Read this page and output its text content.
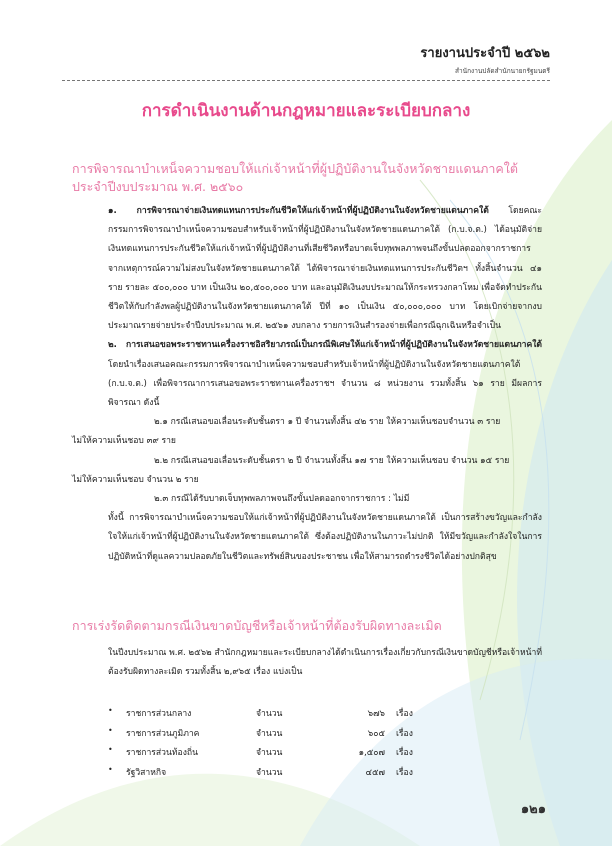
รายงานประจำปี ๒๕๖๒
สำนักงานปลัดสำนักนายกรัฐมนตรี
การดำเนินงานด้านกฎหมายและระเบียบกลาง
การพิจารณาบำเหน็จความชอบให้แก่เจ้าหน้าที่ผู้ปฏิบัติงานในจังหวัดชายแดนภาคใต้
ประจำปีงบประมาณ พ.ศ. ๒๕๖๐

๑. การพิจารณาจ่ายเงินทดแทนการประกันชีวิตให้แก่เจ้าหน้าที่ผู้ปฏิบัติงานในจังหวัดชายแดนภาคใต้ โดยคณะกรรมการพิจารณาบำเหน็จความชอบสำหรับเจ้าหน้าที่ผู้ปฏิบัติงานในจังหวัดชายแดนภาคใต้ (ก.บ.จ.ต.) ได้อนุมัติจ่ายเงินทดแทนการประกันชีวิตให้แก่เจ้าหน้าที่ผู้ปฏิบัติงานที่เสียชีวิตหรือบาดเจ็บทุพพลภาพจนถึงขั้นปลดออกจากราชการจากเหตุการณ์ความไม่สงบในจังหวัดชายแดนภาคใต้ ได้พิจารณาจ่ายเงินทดแทนการประกันชีวิตฯ ทั้งสิ้นจำนวน ๔๑ ราย รายละ ๕๐๐,๐๐๐ บาท เป็นเงิน ๒๐,๕๐๐,๐๐๐ บาท และอนุมัติเงินงบประมาณให้กระทรวงกลาโหม เพื่อจัดทำประกันชีวิตให้กับกำลังพลผู้ปฏิบัติงานในจังหวัดชายแดนภาคใต้ ปีที่ ๑๐ เป็นเงิน ๕๐,๐๐๐,๐๐๐ บาท โดยเบิกจ่ายจากงบประมาณรายจ่ายประจำปีงบประมาณ พ.ศ. ๒๕๖๑ งบกลาง รายการเงินสำรองจ่ายเพื่อกรณีฉุกเฉินหรือจำเป็น

๒. การเสนอขอพระราชทานเครื่องราชอิสริยาภรณ์เป็นกรณีพิเศษให้แก่เจ้าหน้าที่ผู้ปฏิบัติงานในจังหวัดชายแดนภาคใต้ โดยนำเรื่องเสนอคณะกรรมการพิจารณาบำเหน็จความชอบสำหรับเจ้าหน้าที่ผู้ปฏิบัติงานในจังหวัดชายแดนภาคใต้ (ก.บ.จ.ต.) เพื่อพิจารณาการเสนอขอพระราชทานเครื่องราชฯ จำนวน ๘ หน่วยงาน รวมทั้งสิ้น ๖๑ ราย มีผลการพิจารณา ดังนี้

๒.๑ กรณีเสนอขอเลื่อนระดับชั้นตรา ๑ ปี จำนวนทั้งสิ้น ๔๒ ราย ให้ความเห็นชอบจำนวน ๓ ราย

ไม่ให้ความเห็นชอบ ๓๙ ราย

๒.๒ กรณีเสนอขอเลื่อนระดับชั้นตรา ๒ ปี จำนวนทั้งสิ้น ๑๗ ราย ให้ความเห็นชอบ จำนวน ๑๕ ราย

ไม่ให้ความเห็นชอบ จำนวน ๒ ราย

๒.๓ กรณีได้รับบาดเจ็บทุพพลภาพจนถึงขั้นปลดออกจากราชการ : ไม่มี

ทั้งนี้ การพิจารณาบำเหน็จความชอบให้แก่เจ้าหน้าที่ผู้ปฏิบัติงานในจังหวัดชายแดนภาคใต้ เป็นการสร้างขวัญและกำลังใจให้แก่เจ้าหน้าที่ผู้ปฏิบัติงานในจังหวัดชายแดนภาคใต้ ซึ่งต้องปฏิบัติงานในภาวะไม่ปกติ ให้มีขวัญและกำลังใจในการปฏิบัติหน้าที่ดูแลความปลอดภัยในชีวิตและทรัพย์สินของประชาชน เพื่อให้สามารถดำรงชีวิตได้อย่างปกติสุข

การเร่งรัดติดตามกรณีเงินขาดบัญชีหรือเจ้าหน้าที่ต้องรับผิดทางละเมิด

ในปีงบประมาณ พ.ศ. ๒๕๖๒ สำนักกฎหมายและระเบียบกลางได้ดำเนินการเรื่องเกี่ยวกับกรณีเงินขาดบัญชีหรือเจ้าหน้าที่ต้องรับผิดทางละเมิด รวมทั้งสิ้น ๒,๙๖๕ เรื่อง แบ่งเป็น

• ราชการส่วนกลาง	จำนวน	๖๗๖ เรื่อง
• ราชการส่วนภูมิภาค	จำนวน	๖๐๕ เรื่อง
• ราชการส่วนท้องถิ่น	จำนวน	๑,๕๐๗ เรื่อง
• รัฐวิสาหกิจ	จำนวน	๔๕๗ เรื่อง
๑๒๑
